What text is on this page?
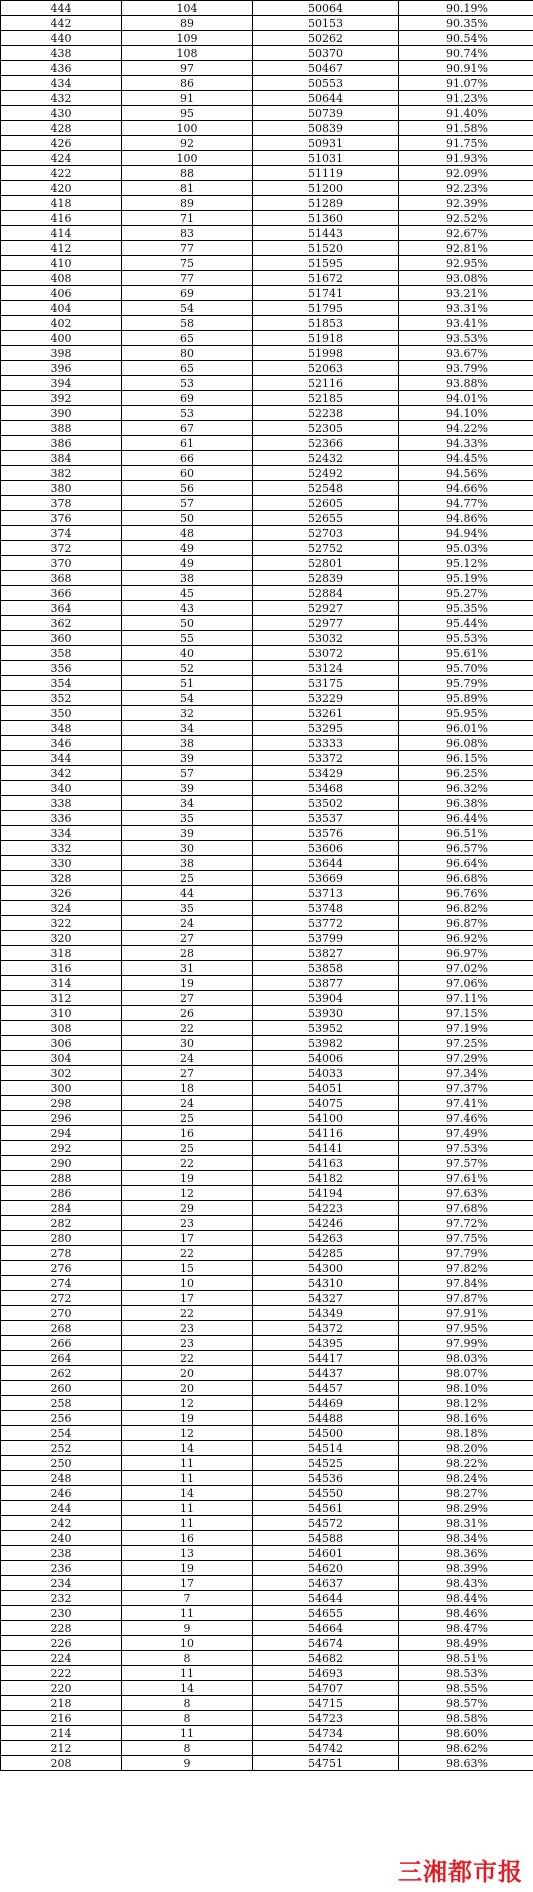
444	104	50064	90.19%
442	89	50153	90.35%
440	109	50262	90.54%
438	108	50370	90.74%
436	97	50467	90.91%
434	86	50553	91.07%
432	91	50644	91.23%
430	95	50739	91.40%
428	100	50839	91.58%
426	92	50931	91.75%
424	100	51031	91.93%
422	88	51119	92.09%
420	81	51200	92.23%
418	89	51289	92.39%
416	71	51360	92.52%
414	83	51443	92.67%
412	77	51520	92.81%
410	75	51595	92.95%
408	77	51672	93.08%
406	69	51741	93.21%
404	54	51795	93.31%
402	58	51853	93.41%
400	65	51918	93.53%
398	80	51998	93.67%
396	65	52063	93.79%
394	53	52116	93.88%
392	69	52185	94.01%
390	53	52238	94.10%
388	67	52305	94.22%
386	61	52366	94.33%
384	66	52432	94.45%
382	60	52492	94.56%
380	56	52548	94.66%
378	57	52605	94.77%
376	50	52655	94.86%
374	48	52703	94.94%
372	49	52752	95.03%
370	49	52801	95.12%
368	38	52839	95.19%
366	45	52884	95.27%
364	43	52927	95.35%
362	50	52977	95.44%
360	55	53032	95.53%
358	40	53072	95.61%
356	52	53124	95.70%
354	51	53175	95.79%
352	54	53229	95.89%
350	32	53261	95.95%
348	34	53295	96.01%
346	38	53333	96.08%
344	39	53372	96.15%
342	57	53429	96.25%
340	39	53468	96.32%
338	34	53502	96.38%
336	35	53537	96.44%
334	39	53576	96.51%
332	30	53606	96.57%
330	38	53644	96.64%
328	25	53669	96.68%
326	44	53713	96.76%
324	35	53748	96.82%
322	24	53772	96.87%
320	27	53799	96.92%
318	28	53827	96.97%
316	31	53858	97.02%
314	19	53877	97.06%
312	27	53904	97.11%
310	26	53930	97.15%
308	22	53952	97.19%
306	30	53982	97.25%
304	24	54006	97.29%
302	27	54033	97.34%
300	18	54051	97.37%
298	24	54075	97.41%
296	25	54100	97.46%
294	16	54116	97.49%
292	25	54141	97.53%
290	22	54163	97.57%
288	19	54182	97.61%
286	12	54194	97.63%
284	29	54223	97.68%
282	23	54246	97.72%
280	17	54263	97.75%
278	22	54285	97.79%
276	15	54300	97.82%
274	10	54310	97.84%
272	17	54327	97.87%
270	22	54349	97.91%
268	23	54372	97.95%
266	23	54395	97.99%
264	22	54417	98.03%
262	20	54437	98.07%
260	20	54457	98.10%
258	12	54469	98.12%
256	19	54488	98.16%
254	12	54500	98.18%
252	14	54514	98.20%
250	11	54525	98.22%
248	11	54536	98.24%
246	14	54550	98.27%
244	11	54561	98.29%
242	11	54572	98.31%
240	16	54588	98.34%
238	13	54601	98.36%
236	19	54620	98.39%
234	17	54637	98.43%
232	7	54644	98.44%
230	11	54655	98.46%
228	9	54664	98.47%
226	10	54674	98.49%
224	8	54682	98.51%
222	11	54693	98.53%
220	14	54707	98.55%
218	8	54715	98.57%
216	8	54723	98.58%
214	11	54734	98.60%
212	8	54742	98.62%
208	9	54751	98.63%
三湘都市报
